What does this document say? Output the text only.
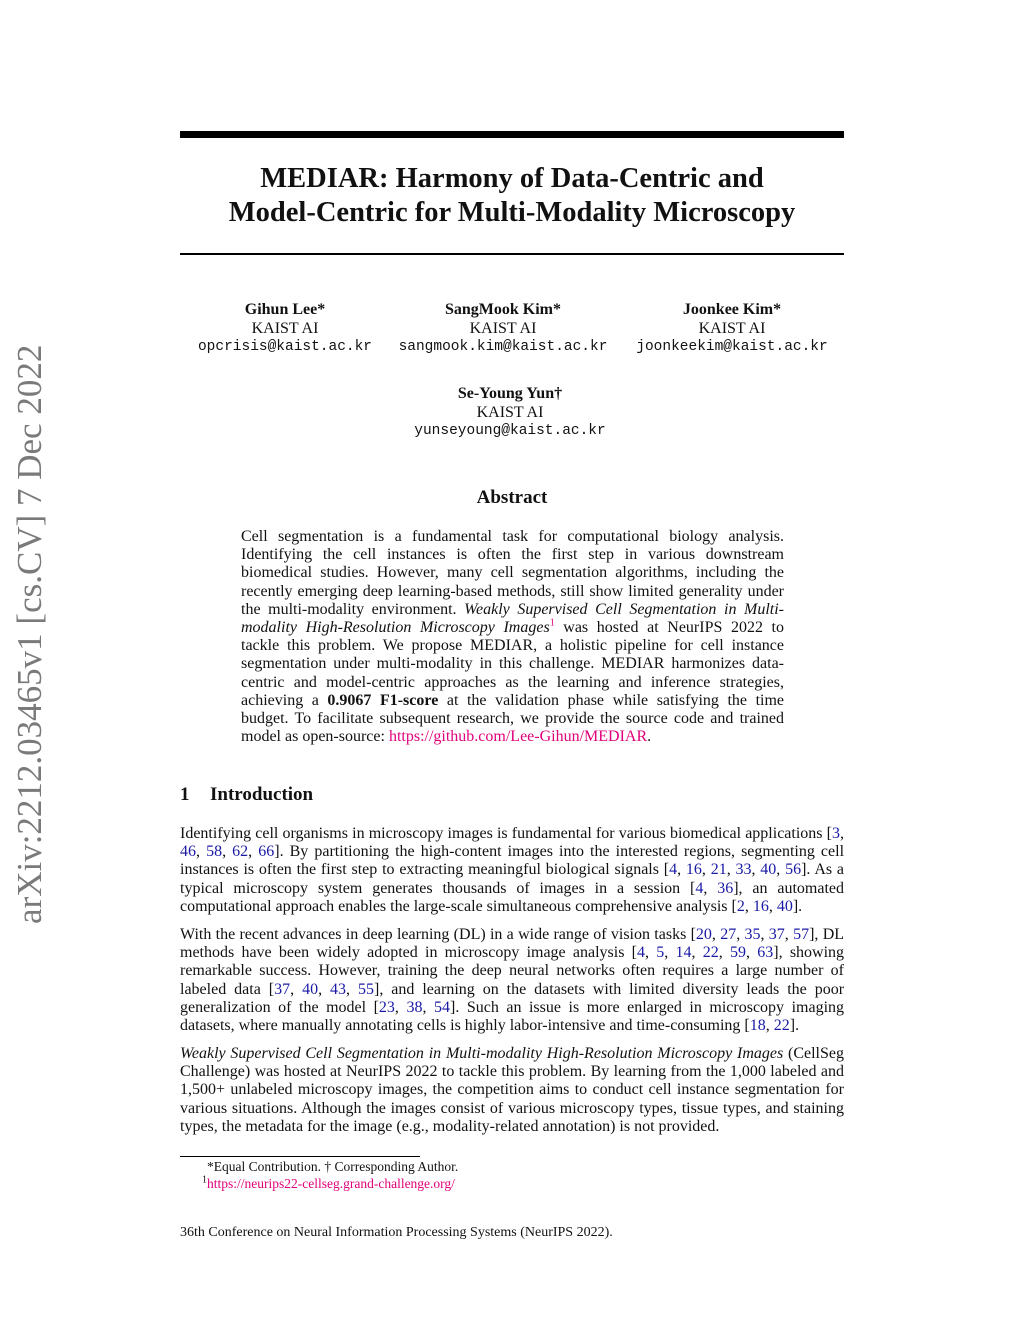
arXiv:2212.03465v1 [cs.CV] 7 Dec 2022
MEDIAR: Harmony of Data-Centric and
Model-Centric for Multi-Modality Microscopy
Gihun Lee*
KAIST AI
opcrisis@kaist.ac.kr
SangMook Kim*
KAIST AI
sangmook.kim@kaist.ac.kr
Joonkee Kim*
KAIST AI
joonkeekim@kaist.ac.kr
Se-Young Yun†
KAIST AI
yunseyoung@kaist.ac.kr
Abstract
Cell segmentation is a fundamental task for computational biology analysis. Identifying the cell instances is often the first step in various downstream biomedical studies. However, many cell segmentation algorithms, including the recently emerging deep learning-based methods, still show limited generality under the multi-modality environment. Weakly Supervised Cell Segmentation in Multi-modality High-Resolution Microscopy Images$^1$ was hosted at NeurIPS 2022 to tackle this problem. We propose MEDIAR, a holistic pipeline for cell instance segmentation under multi-modality in this challenge. MEDIAR harmonizes data-centric and model-centric approaches as the learning and inference strategies, achieving a 0.9067 F1-score at the validation phase while satisfying the time budget. To facilitate subsequent research, we provide the source code and trained model as open-source: https://github.com/Lee-Gihun/MEDIAR.
1 Introduction
Identifying cell organisms in microscopy images is fundamental for various biomedical applications [3, 46, 58, 62, 66]. By partitioning the high-content images into the interested regions, segmenting cell instances is often the first step to extracting meaningful biological signals [4, 16, 21, 33, 40, 56]. As a typical microscopy system generates thousands of images in a session [4, 36], an automated computational approach enables the large-scale simultaneous comprehensive analysis [2, 16, 40].
With the recent advances in deep learning (DL) in a wide range of vision tasks [20, 27, 35, 37, 57], DL methods have been widely adopted in microscopy image analysis [4, 5, 14, 22, 59, 63], showing remarkable success. However, training the deep neural networks often requires a large number of labeled data [37, 40, 43, 55], and learning on the datasets with limited diversity leads the poor generalization of the model [23, 38, 54]. Such an issue is more enlarged in microscopy imaging datasets, where manually annotating cells is highly labor-intensive and time-consuming [18, 22].
Weakly Supervised Cell Segmentation in Multi-modality High-Resolution Microscopy Images (CellSeg Challenge) was hosted at NeurIPS 2022 to tackle this problem. By learning from the 1,000 labeled and 1,500+ unlabeled microscopy images, the competition aims to conduct cell instance segmentation for various situations. Although the images consist of various microscopy types, tissue types, and staining types, the metadata for the image (e.g., modality-related annotation) is not provided.
*Equal Contribution. † Corresponding Author.
$^1$https://neurips22-cellseg.grand-challenge.org/
36th Conference on Neural Information Processing Systems (NeurIPS 2022).
